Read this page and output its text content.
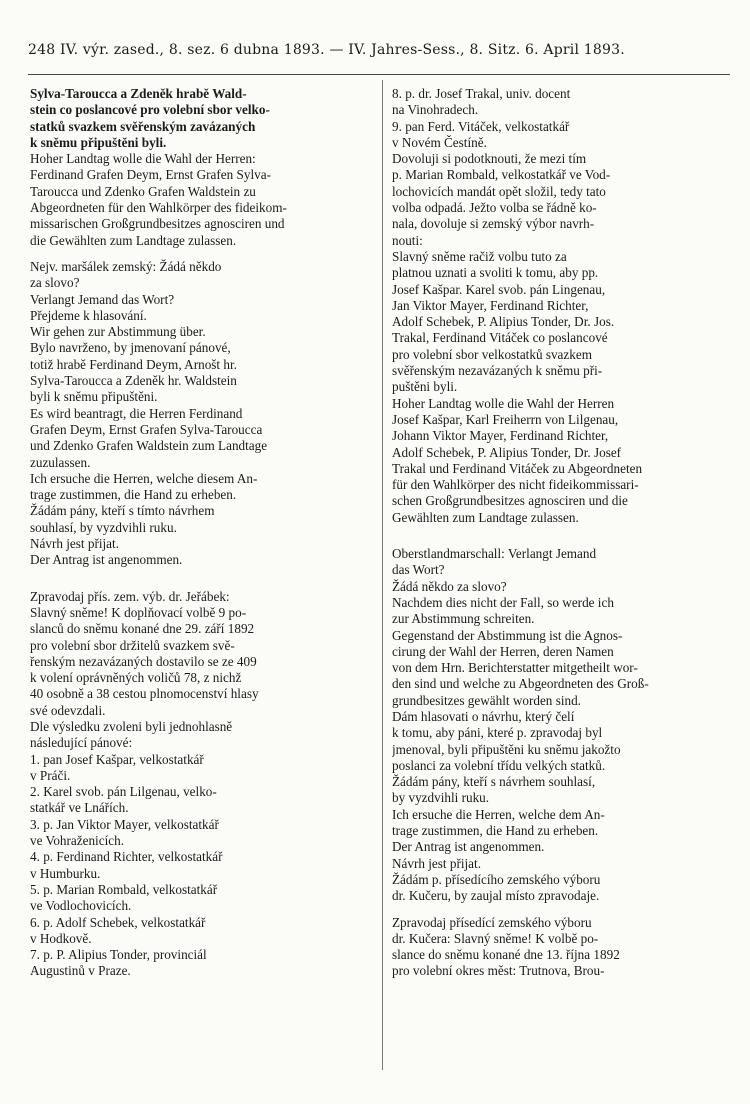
248 IV. výr. zased., 8. sez. 6 dubna 1893. — IV. Jahres-Sess., 8. Sitz. 6. April 1893.
Sylva-Taroucca a Zdeněk hrabě Wald-
stein co poslancové pro volební sbor velko-
statků svazkem svěřenským zavázaných
k sněmu připuštěni byli.
Hoher Landtag wolle die Wahl der Herren:
Ferdinand Grafen Deym, Ernst Grafen Sylva-
Taroucca und Zdenko Grafen Waldstein zu
Abgeordneten für den Wahlkörper des fideikom-
missarischen Großgrundbesitzes agnosciren und
die Gewählten zum Landtage zulassen.
Nejv. maršálek zemský: Žádá někdo
za slovo?
Verlangt Jemand das Wort?
Přejdeme k hlasování.
Wir gehen zur Abstimmung über.
Bylo navrženo, by jmenovaní pánové,
totiž hrabě Ferdinand Deym, Arnošt hr.
Sylva-Taroucca a Zdeněk hr. Waldstein
byli k sněmu připuštěni.
Es wird beantragt, die Herren Ferdinand
Grafen Deym, Ernst Grafen Sylva-Taroucca
und Zdenko Grafen Waldstein zum Landtage
zuzulassen.
Ich ersuche die Herren, welche diesem An-
trage zustimmen, die Hand zu erheben.
Žádám pány, kteří s tímto návrhem
souhlasí, by vyzdvihli ruku.
Návrh jest přijat.
Der Antrag ist angenommen.
Zpravodaj přís. zem. výb. dr. Jeřábek:
Slavný sněme! K doplňovací volbě 9 po-
slanců do sněmu konané dne 29. září 1892
pro volební sbor držitelů svazkem svě-
řenským nezavázaných dostavilo se ze 409
k volení oprávněných voličů 78, z nichž
40 osobně a 38 cestou plnomocenství hlasy
své odevzdali.
Dle výsledku zvoleni byli jednohlasně
následující pánové:
1. pan Josef Kašpar, velkostatkář
v Práči.
2. Karel svob. pán Lilgenau, velko-
statkář ve Lnářích.
3. p. Jan Viktor Mayer, velkostatkář
ve Vohraženicích.
4. p. Ferdinand Richter, velkostatkář
v Humburku.
5. p. Marian Rombald, velkostatkář
ve Vodlochovicích.
6. p. Adolf Schebek, velkostatkář
v Hodkově.
7. p. P. Alipius Tonder, provinciál
Augustinů v Praze.
8. p. dr. Josef Trakal, univ. docent
na Vinohradech.
9. pan Ferd. Vitáček, velkostatkář
v Novém Čestíně.
Dovoluji si podotknouti, že mezi tím
p. Marian Rombald, velkostatkář ve Vod-
lochovicích mandát opět složil, tedy tato
volba odpadá. Ježto volba se řádně ko-
nala, dovoluje si zemský výbor navrh-
nouti:
Slavný sněme račiž volbu tuto za
platnou uznati a svoliti k tomu, aby pp.
Josef Kašpar. Karel svob. pán Lingenau,
Jan Viktor Mayer, Ferdinand Richter,
Adolf Schebek, P. Alipius Tonder, Dr. Jos.
Trakal, Ferdinand Vitáček co poslancové
pro volební sbor velkostatků svazkem
svěřenským nezavázaných k sněmu při-
puštěni byli.
Hoher Landtag wolle die Wahl der Herren
Josef Kašpar, Karl Freiherrn von Lilgenau,
Johann Viktor Mayer, Ferdinand Richter,
Adolf Schebek, P. Alipius Tonder, Dr. Josef
Trakal und Ferdinand Vitáček zu Abgeordneten
für den Wahlkörper des nicht fideikommissari-
schen Großgrundbesitzes agnosciren und die
Gewählten zum Landtage zulassen.
Oberstlandmarschall: Verlangt Jemand
das Wort?
Žádá někdo za slovo?
Nachdem dies nicht der Fall, so werde ich
zur Abstimmung schreiten.
Gegenstand der Abstimmung ist die Agnos-
cirung der Wahl der Herren, deren Namen
von dem Hrn. Berichterstatter mitgetheilt wor-
den sind und welche zu Abgeordneten des Groß-
grundbesitzes gewählt worden sind.
Dám hlasovati o návrhu, který čelí
k tomu, aby páni, které p. zpravodaj byl
jmenoval, byli připuštěni ku sněmu jakožto
poslanci za volební třídu velkých statků.
Žádám pány, kteří s návrhem souhlasí,
by vyzdvihli ruku.
Ich ersuche die Herren, welche dem An-
trage zustimmen, die Hand zu erheben.
Der Antrag ist angenommen.
Návrh jest přijat.
Žádám p. přísedícího zemského výboru
dr. Kučeru, by zaujal místo zpravodaje.
Zpravodaj přísedící zemského výboru
dr. Kučera: Slavný sněme! K volbě po-
slance do sněmu konané dne 13. října 1892
pro volební okres měst: Trutnova, Brou-
